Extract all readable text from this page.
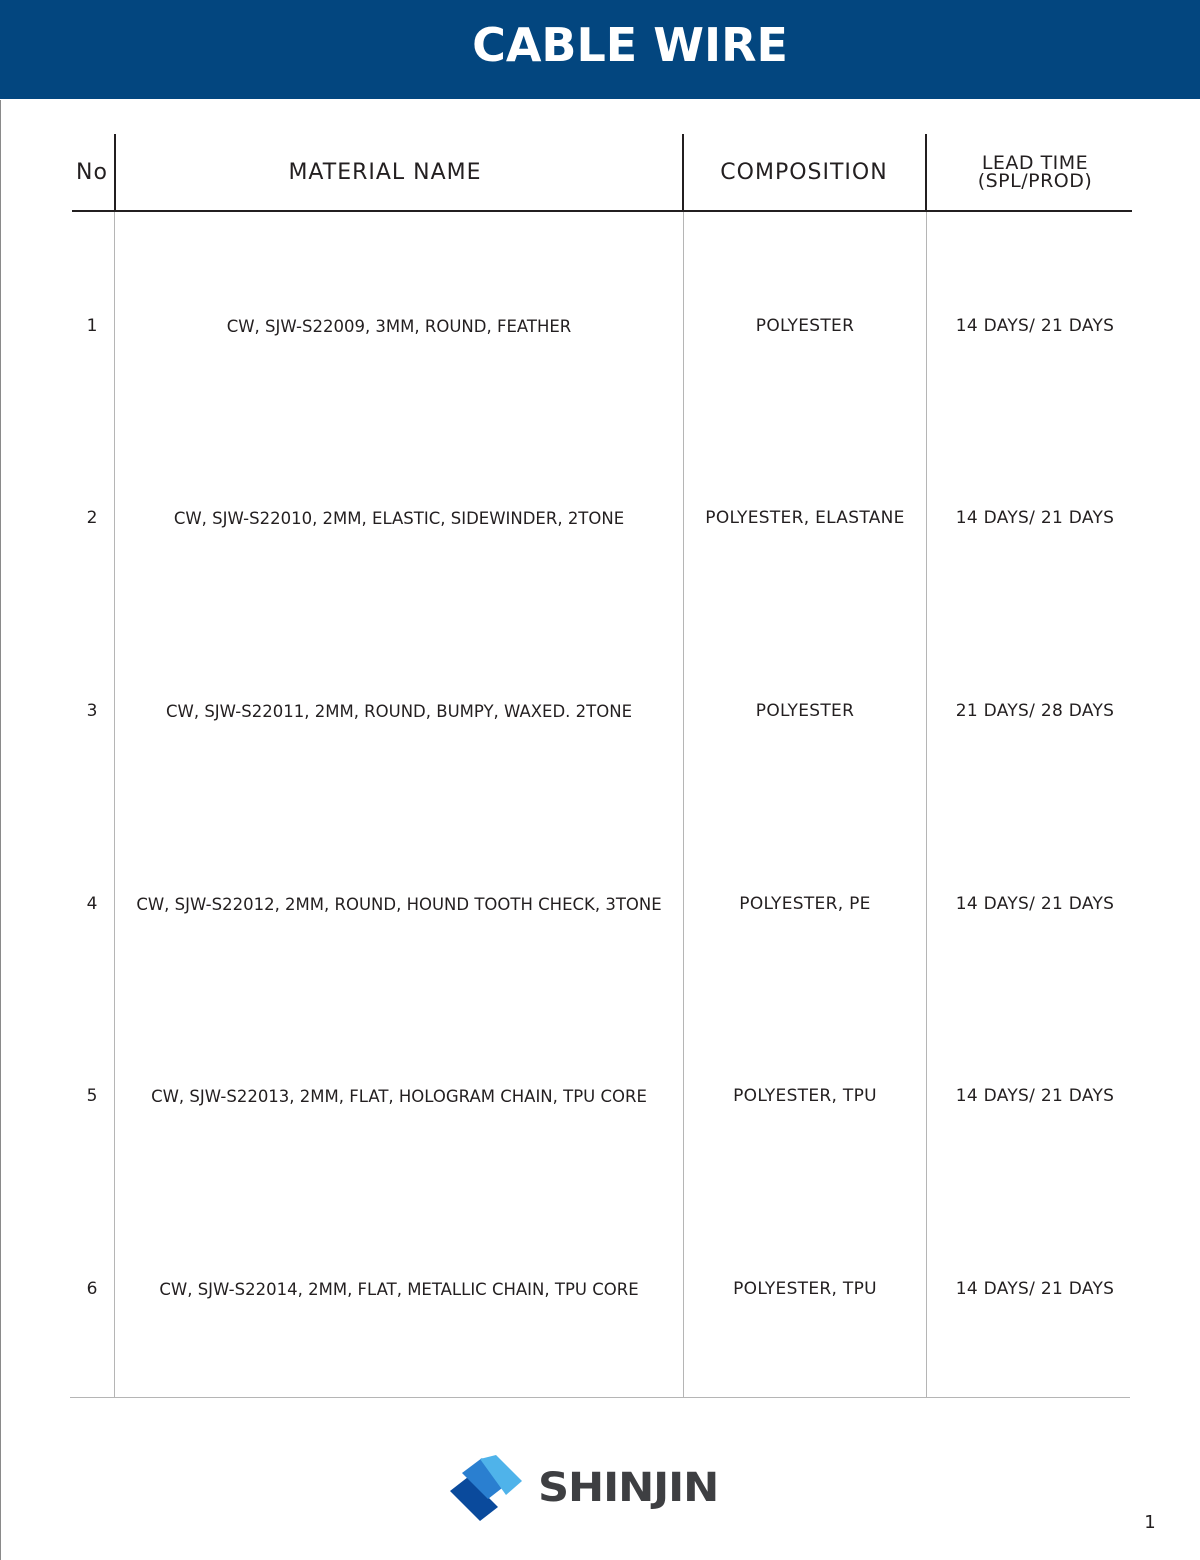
CABLE WIRE
No	MATERIAL NAME	COMPOSITION	LEAD TIME
(SPL/PROD)
1	CW, SJW-S22009, 3MM, ROUND, FEATHER	POLYESTER	14 DAYS/ 21 DAYS
2	CW, SJW-S22010, 2MM, ELASTIC, SIDEWINDER, 2TONE	POLYESTER, ELASTANE	14 DAYS/ 21 DAYS
3	CW, SJW-S22011, 2MM, ROUND, BUMPY, WAXED. 2TONE	POLYESTER	21 DAYS/ 28 DAYS
4	CW, SJW-S22012, 2MM, ROUND, HOUND TOOTH CHECK, 3TONE	POLYESTER, PE	14 DAYS/ 21 DAYS
5	CW, SJW-S22013, 2MM, FLAT, HOLOGRAM CHAIN, TPU CORE	POLYESTER, TPU	14 DAYS/ 21 DAYS
6	CW, SJW-S22014, 2MM, FLAT, METALLIC CHAIN, TPU CORE	POLYESTER, TPU	14 DAYS/ 21 DAYS
SHINJIN
1
